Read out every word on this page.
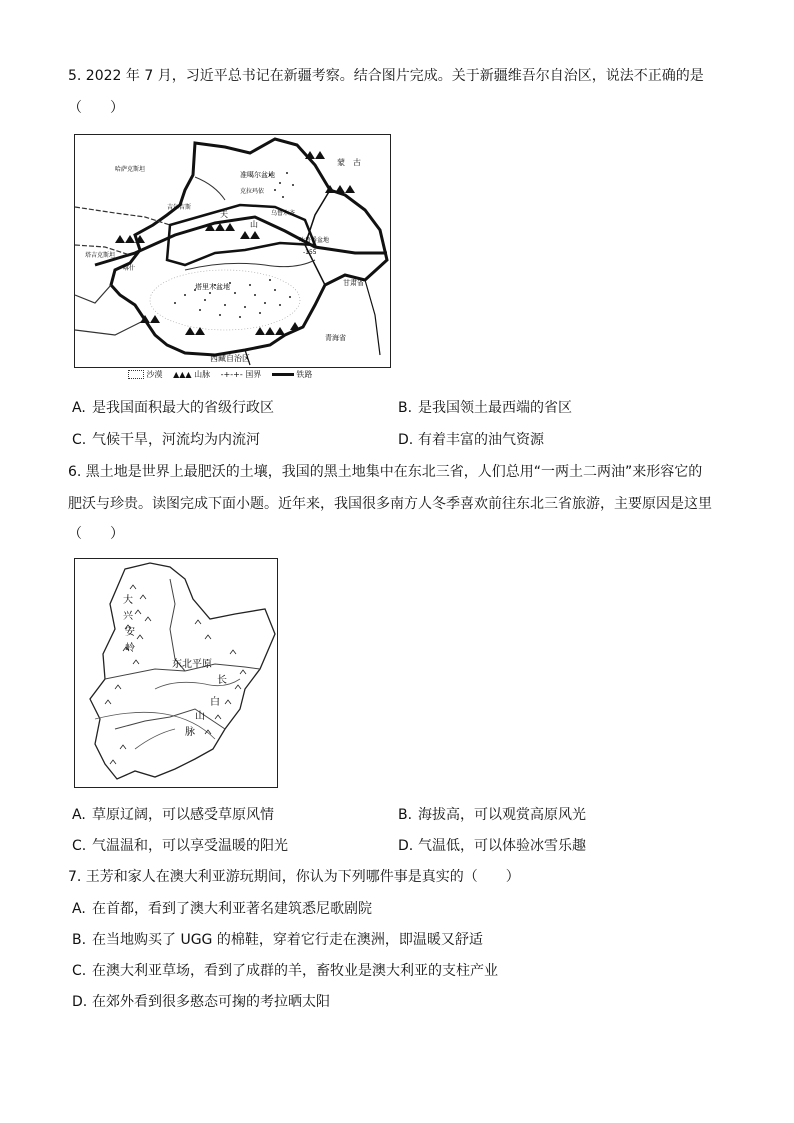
5. 2022 年 7 月，习近平总书记在新疆考察。结合图片完成。关于新疆维吾尔自治区，说法不正确的是
（　　）
蒙　古
哈萨克斯坦
吉尔吉斯
塔吉克斯坦
准噶尔盆地
克拉玛依
乌鲁木齐
天
山
吐鲁番盆地
-155
喀什
塔里木盆地	甘肃省
青海省
西藏自治区
沙漠 ▲▲▲ 山脉 -+-+- 国界	铁路
A. 是我国面积最大的省级行政区	B. 是我国领土最西端的省区
C. 气候干旱，河流均为内流河	D. 有着丰富的油气资源
6. 黑土地是世界上最肥沃的土壤，我国的黑土地集中在东北三省，人们总用“一两土二两油”来形容它的
肥沃与珍贵。读图完成下面小题。近年来，我国很多南方人冬季喜欢前往东北三省旅游，主要原因是这里
（　　）
大
兴
安
岭
东北平原
长
白
山
脉
A. 草原辽阔，可以感受草原风情	B. 海拔高，可以观赏高原风光
C. 气温温和，可以享受温暖的阳光	D. 气温低，可以体验冰雪乐趣
7. 王芳和家人在澳大利亚游玩期间，你认为下列哪件事是真实的（　　）
A. 在首都，看到了澳大利亚著名建筑悉尼歌剧院
B. 在当地购买了 UGG 的棉鞋，穿着它行走在澳洲，即温暖又舒适
C. 在澳大利亚草场，看到了成群的羊，畜牧业是澳大利亚的支柱产业
D. 在郊外看到很多憨态可掬的考拉晒太阳
